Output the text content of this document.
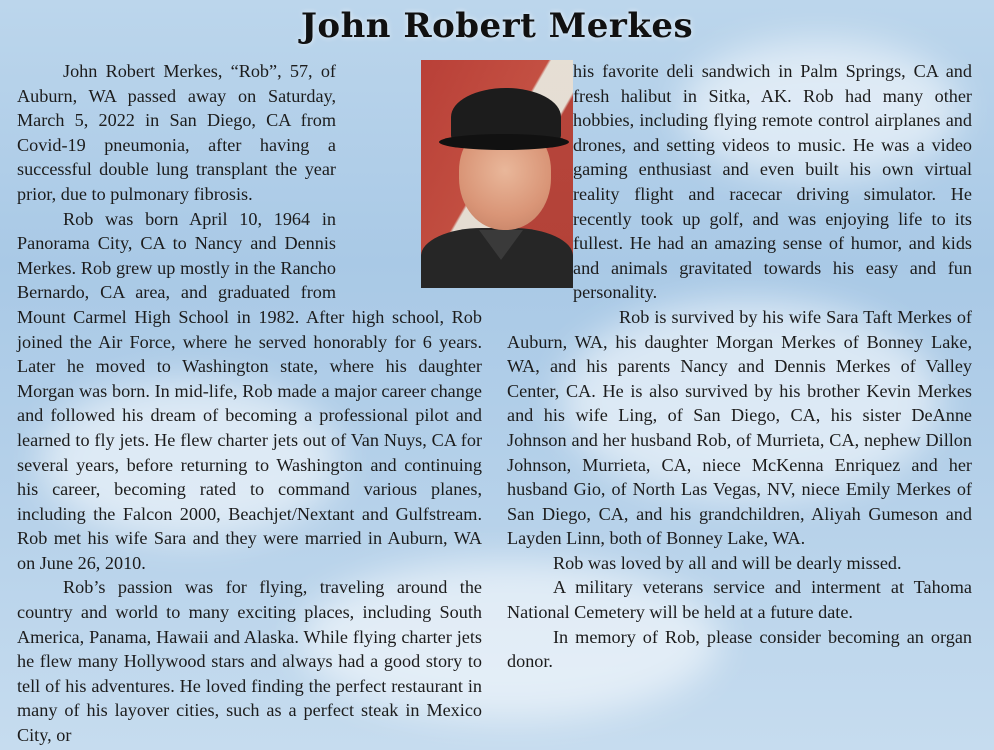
John Robert Merkes

John Robert Merkes, “Rob”, 57, of Auburn, WA passed away on Saturday, March 5, 2022 in San Diego, CA from Covid-19 pneumonia, after having a successful double lung transplant the year prior, due to pulmonary fibrosis.

Rob was born April 10, 1964 in Panorama City, CA to Nancy and Dennis Merkes. Rob grew up mostly in the Rancho Bernardo, CA area, and graduated from Mount Carmel High School in 1982. After high school, Rob joined the Air Force, where he served honorably for 6 years. Later he moved to Washington state, where his daughter Morgan was born. In mid-life, Rob made a major career change and followed his dream of becoming a professional pilot and learned to fly jets. He flew charter jets out of Van Nuys, CA for several years, before returning to Washington and continuing his career, becoming rated to command various planes, including the Falcon 2000, Beachjet/Nextant and Gulfstream. Rob met his wife Sara and they were married in Auburn, WA on June 26, 2010.

Rob’s passion was for flying, traveling around the country and world to many exciting places, including South America, Panama, Hawaii and Alaska. While flying charter jets he flew many Hollywood stars and always had a good story to tell of his adventures. He loved finding the perfect restaurant in many of his layover cities, such as a perfect steak in Mexico City, or

his favorite deli sandwich in Palm Springs, CA and fresh halibut in Sitka, AK. Rob had many other hobbies, including flying remote control airplanes and drones, and setting videos to music. He was a video gaming enthusiast and even built his own virtual reality flight and racecar driving simulator. He recently took up golf, and was enjoying life to its fullest. He had an amazing sense of humor, and kids and animals gravitated towards his easy and fun personality.

Rob is survived by his wife Sara Taft Merkes of Auburn, WA, his daughter Morgan Merkes of Bonney Lake, WA, and his parents Nancy and Dennis Merkes of Valley Center, CA. He is also survived by his brother Kevin Merkes and his wife Ling, of San Diego, CA, his sister DeAnne Johnson and her husband Rob, of Murrieta, CA, nephew Dillon Johnson, Murrieta, CA, niece McKenna Enriquez and her husband Gio, of North Las Vegas, NV, niece Emily Merkes of San Diego, CA, and his grandchildren, Aliyah Gumeson and Layden Linn, both of Bonney Lake, WA.

Rob was loved by all and will be dearly missed.

A military veterans service and interment at Tahoma National Cemetery will be held at a future date.

In memory of Rob, please consider becoming an organ donor.
